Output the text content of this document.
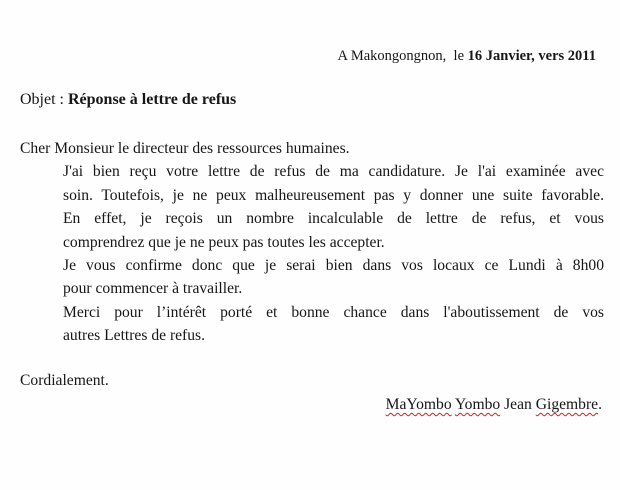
A Makongongnon, le 16 Janvier, vers 2011
Objet : Réponse à lettre de refus

Cher Monsieur le directeur des ressources humaines.

J'ai bien reçu votre lettre de refus de ma candidature. Je l'ai examinée avec
soin. Toutefois, je ne peux malheureusement pas y donner une suite favorable.
En effet, je reçois un nombre incalculable de lettre de refus, et vous
comprendrez que je ne peux pas toutes les accepter.

Je vous confirme donc que je serai bien dans vos locaux ce Lundi à 8h00
pour commencer à travailler.

Merci pour l’intérêt porté et bonne chance dans l'aboutissement de vos
autres Lettres de refus.

Cordialement.
MaYombo Yombo Jean Gigembre.
